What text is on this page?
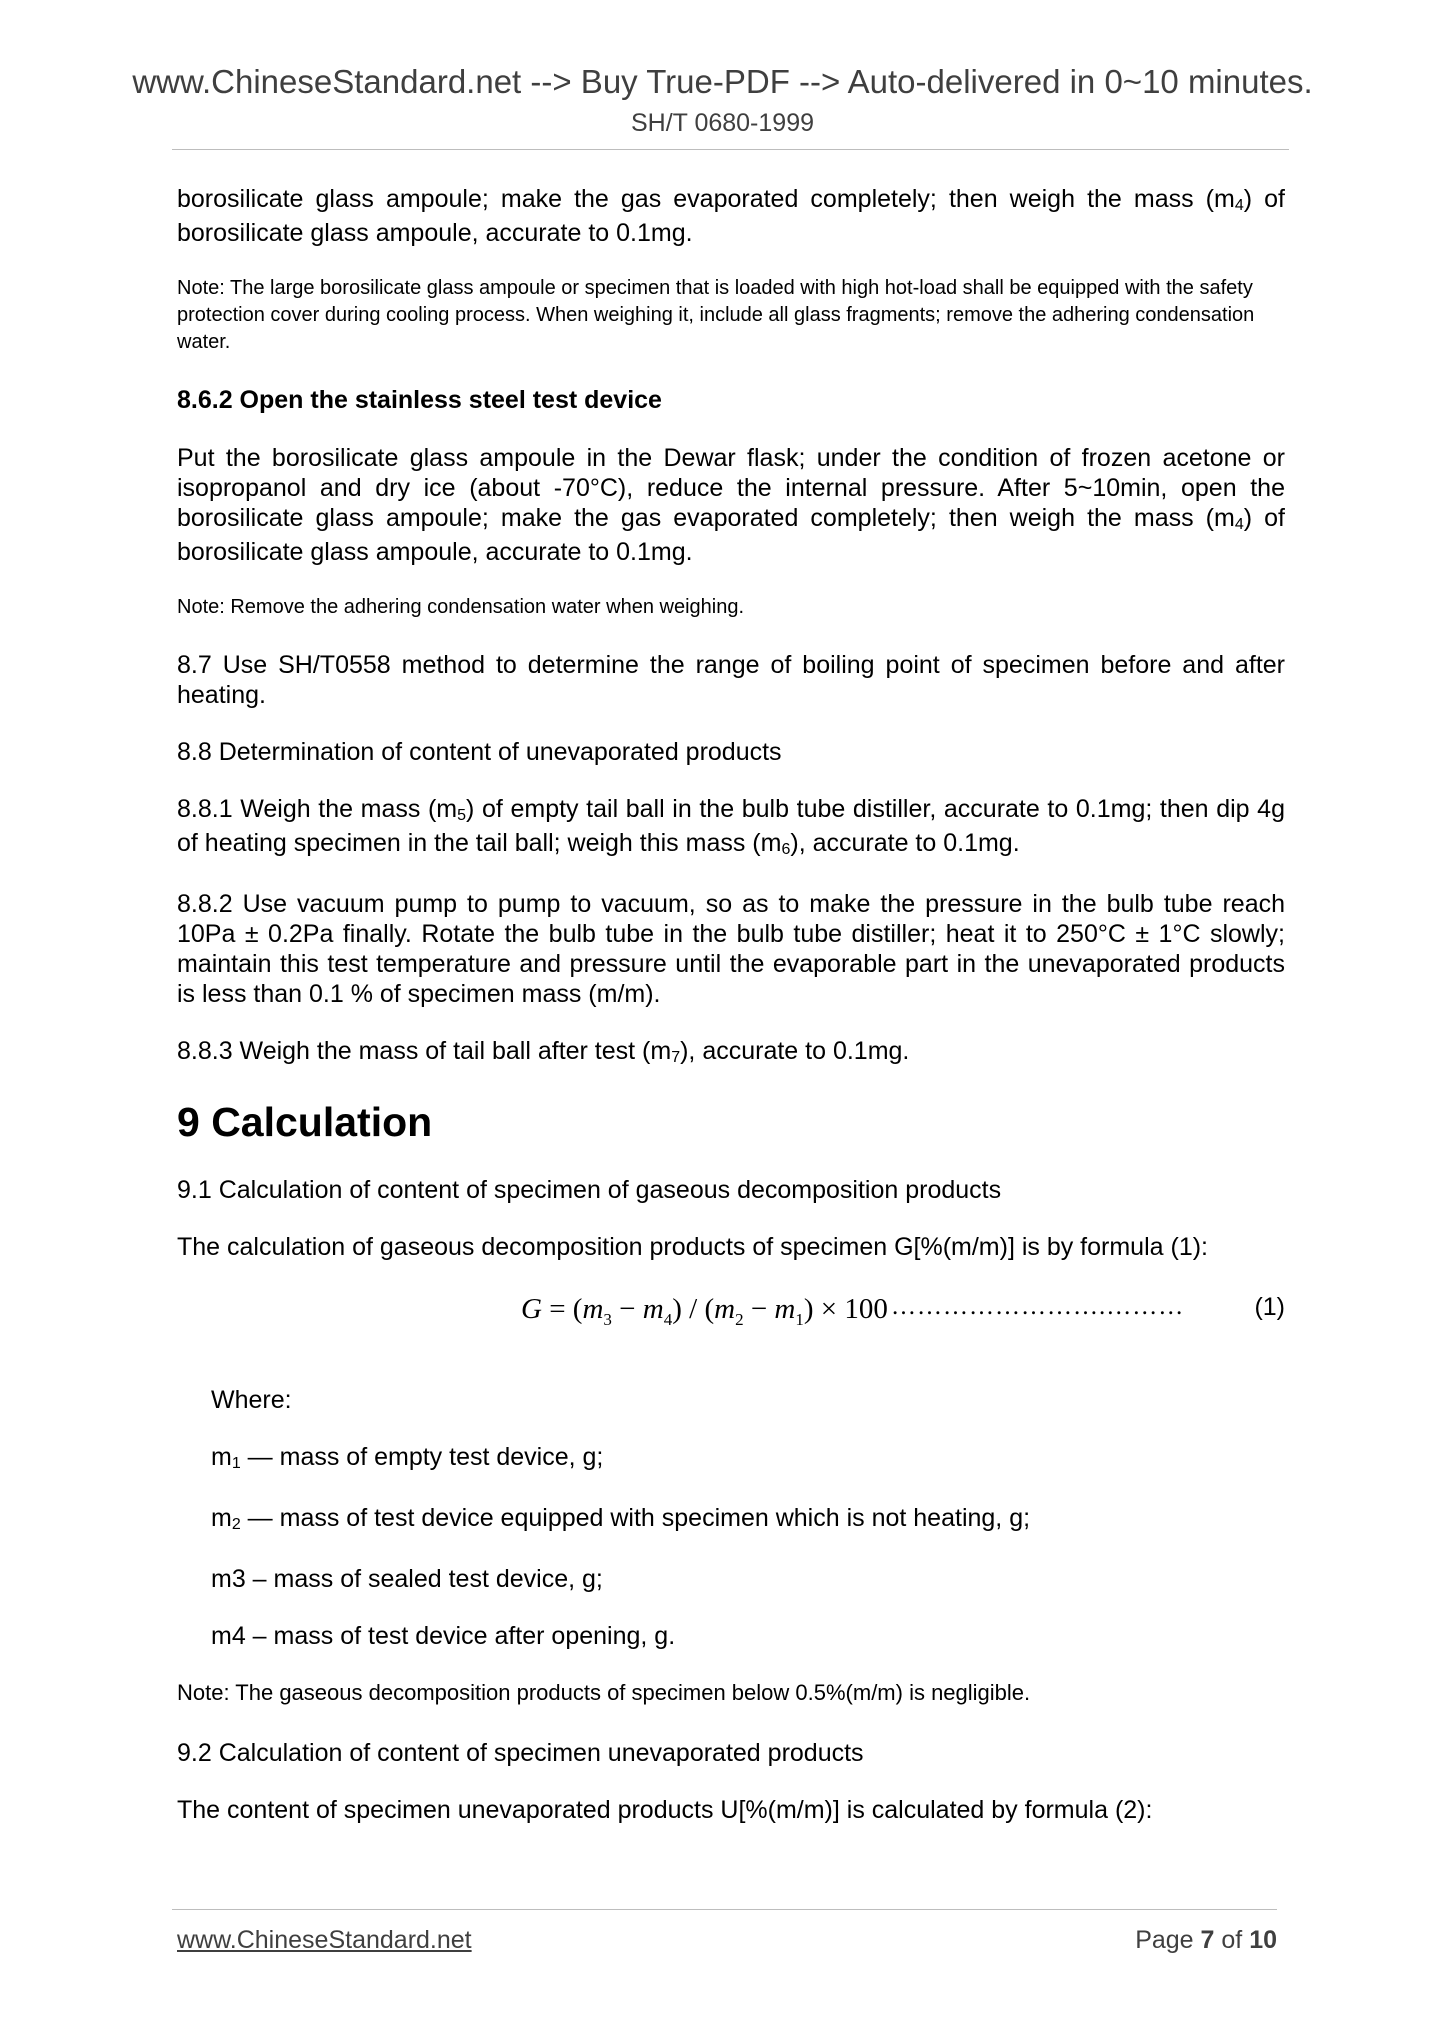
www.ChineseStandard.net --> Buy True-PDF --> Auto-delivered in 0~10 minutes.
SH/T 0680-1999

borosilicate glass ampoule; make the gas evaporated completely; then weigh the mass (m4) of borosilicate glass ampoule, accurate to 0.1mg.

Note: The large borosilicate glass ampoule or specimen that is loaded with high hot-load shall be equipped with the safety protection cover during cooling process. When weighing it, include all glass fragments; remove the adhering condensation water.

8.6.2 Open the stainless steel test device

Put the borosilicate glass ampoule in the Dewar flask; under the condition of frozen acetone or isopropanol and dry ice (about -70°C), reduce the internal pressure. After 5~10min, open the borosilicate glass ampoule; make the gas evaporated completely; then weigh the mass (m4) of borosilicate glass ampoule, accurate to 0.1mg.

Note: Remove the adhering condensation water when weighing.

8.7 Use SH/T0558 method to determine the range of boiling point of specimen before and after heating.

8.8 Determination of content of unevaporated products

8.8.1 Weigh the mass (m5) of empty tail ball in the bulb tube distiller, accurate to 0.1mg; then dip 4g of heating specimen in the tail ball; weigh this mass (m6), accurate to 0.1mg.

8.8.2 Use vacuum pump to pump to vacuum, so as to make the pressure in the bulb tube reach 10Pa ± 0.2Pa finally. Rotate the bulb tube in the bulb tube distiller; heat it to 250°C ± 1°C slowly; maintain this test temperature and pressure until the evaporable part in the unevaporated products is less than 0.1 % of specimen mass (m/m).

8.8.3 Weigh the mass of tail ball after test (m7), accurate to 0.1mg.

9 Calculation

9.1 Calculation of content of specimen of gaseous decomposition products

The calculation of gaseous decomposition products of specimen G[%(m/m)] is by formula (1):

$G = (m_3 - m_4) / (m_2 - m_1) \times 100$ …………………….………	(1)

Where:

m1 — mass of empty test device, g;

m2 — mass of test device equipped with specimen which is not heating, g;

m3 – mass of sealed test device, g;

m4 – mass of test device after opening, g.

Note: The gaseous decomposition products of specimen below 0.5%(m/m) is negligible.

9.2 Calculation of content of specimen unevaporated products

The content of specimen unevaporated products U[%(m/m)] is calculated by formula (2):

www.ChineseStandard.net	Page 7 of 10
